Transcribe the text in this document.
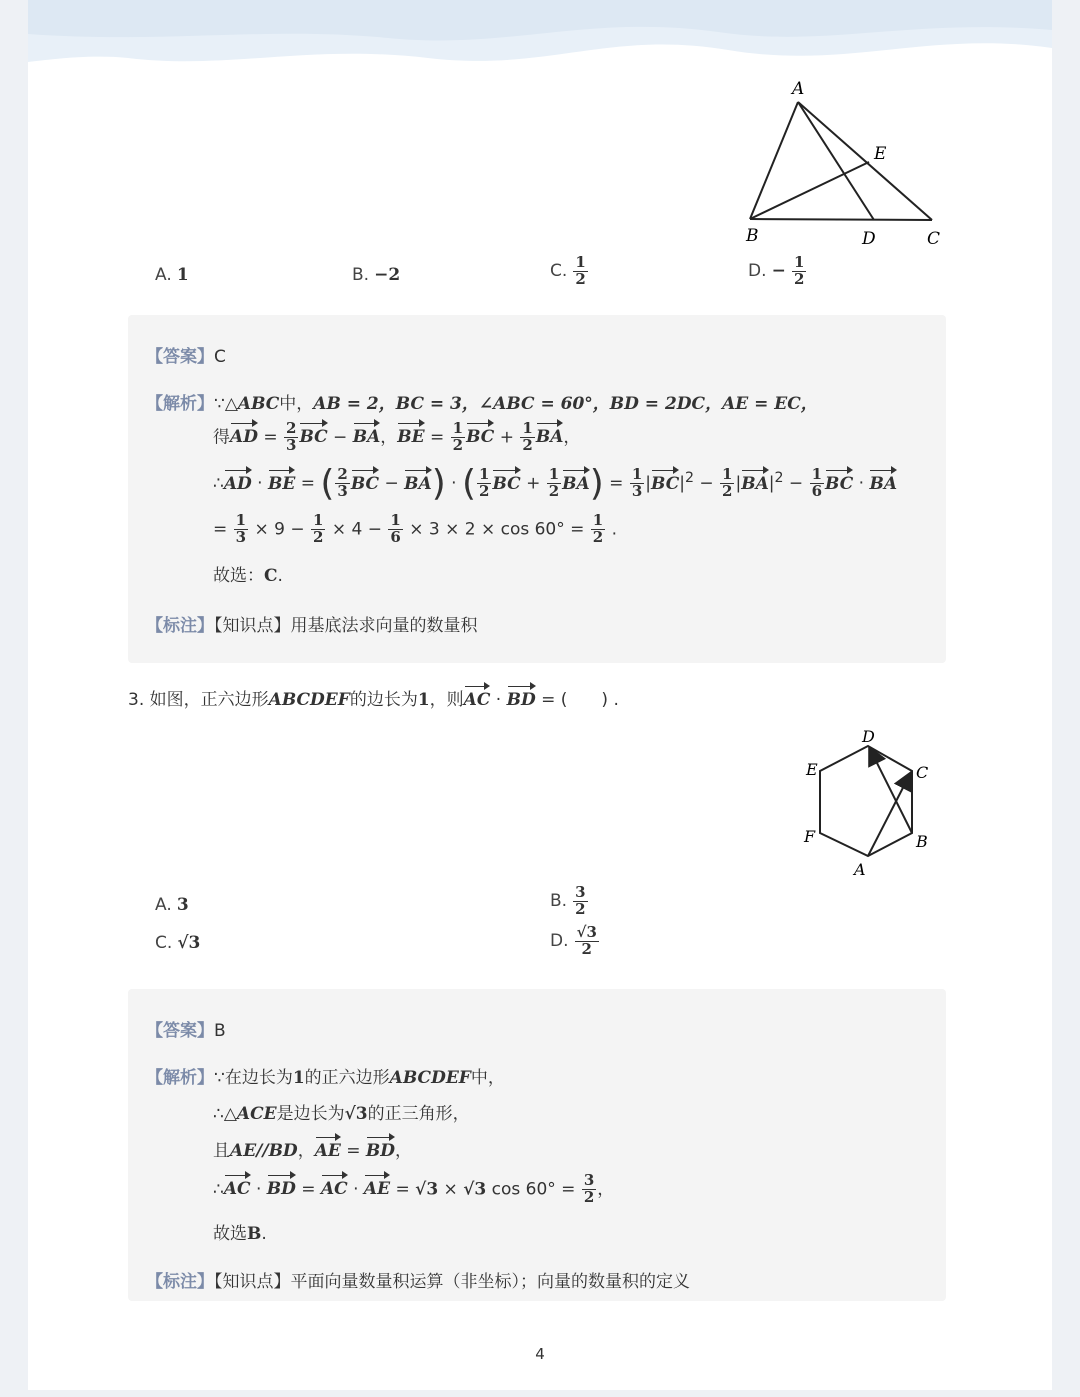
A
E
B	D	C
A. 1	B. −2	C. $\frac{1}{2}$	D. − $\frac{1}{2}$
【答案】C
【解析】∵△ABC中，AB = 2，BC = 3，∠ABC = 60°，BD = 2DC，AE = EC，
得AD = $\frac{2}{3}$ BC − BA，BE = $\frac{1}{2}$ BC + $\frac{1}{2}$ BA，
∴AD · BE = ( $\frac{2}{3}$ BC − BA) · ( $\frac{1}{2}$ BC + $\frac{1}{2} BA) = \frac{1}{3} |BC|^2 - \frac{1}{2} |BA|^2 - \frac{1}{6}$ BC · BA
= $\frac{1}{3} \times 9 - \frac{1}{2} \times 4 - \frac{1}{6} \times 3 \times 2 \times \cos 60^\circ = \frac{1}{2}$ .
故选：C.
【标注】【知识点】用基底法求向量的数量积
3. 如图，正六边形ABCDEF的边长为1，则AC · BD = (　　) .
D
E	C
F	B
A
A. 3	B. $\frac{3}{2}$
C. √3	D. $\frac{√3}{2}$
【答案】B
【解析】∵在边长为1的正六边形ABCDEF中，
∴△ACE是边长为√3的正三角形，
且AE//BD，AE = BD，
∴AC · BD = AC · AE = √3 × √3 $\cos 60^\circ = \frac{3}{2}$ ，
故选B.
【标注】【知识点】平面向量数量积运算（非坐标）；向量的数量积的定义
4
